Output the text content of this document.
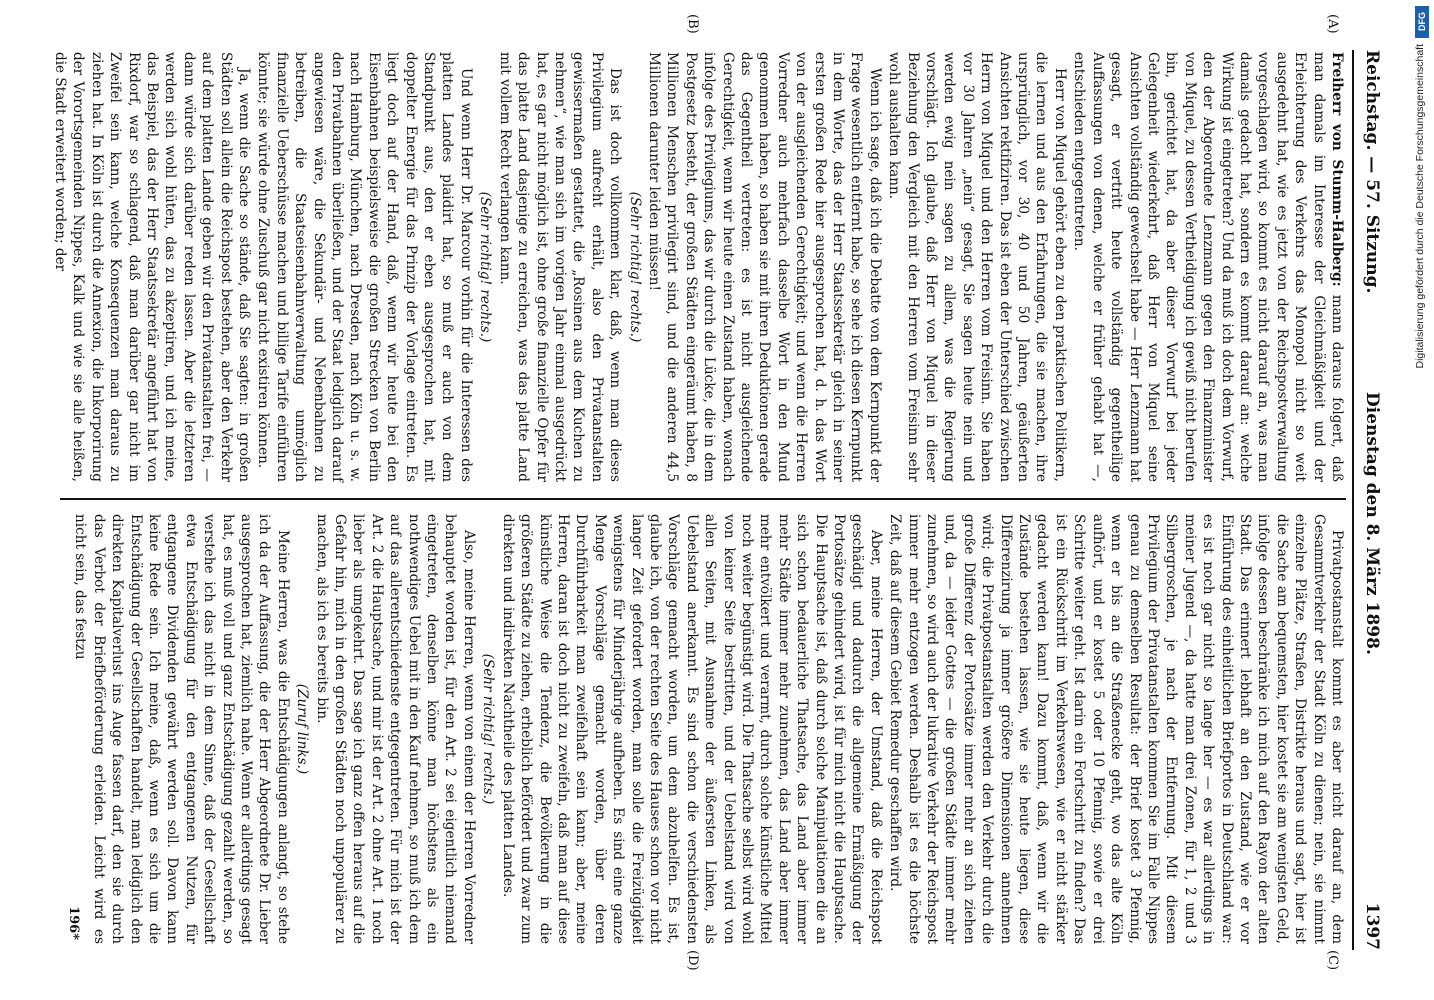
Reichstag. — 57. Sitzung.
Dienstag den 8. März 1898.
1397
(A)
(B)
(C)
(D)

Freiherr von Stumm-Halberg: mann daraus folgert, daß man damals im Interesse der Gleichmäßigkeit und der Erleichterung des Verkehrs das Monopol nicht so weit ausgedehnt hat, wie es jetzt von der Reichspostverwaltung vorgeschlagen wird, so kommt es nicht darauf an, was man damals gedacht hat, sondern es kommt darauf an: welche Wirkung ist eingetreten? Und da muß ich doch dem Vorwurf, den der Abgeordnete Lenzmann gegen den Finanzminister von Miquel, zu dessen Vertheidigung ich gewiß nicht berufen bin, gerichtet hat, da aber dieser Vorwurf bei jeder Gelegenheit wiederkehrt, daß Herr von Miquel seine Ansichten vollständig gewechselt habe — Herr Lenzmann hat gesagt, er vertritt heute vollständig gegentheilige Auffassungen von denen, welche er früher gehabt hat —, entschieden entgegentreten.

Herr von Miquel gehört eben zu den praktischen Politikern, die lernen und aus den Erfahrungen, die sie machen, ihre ursprünglich, vor 30, 40 und 50 Jahren, geäußerten Ansichten rektifiziren. Das ist eben der Unterschied zwischen Herrn von Miquel und den Herren vom Freisinn. Sie haben vor 30 Jahren „nein“ gesagt, Sie sagen heute nein und werden ewig nein sagen zu allem, was die Regierung vorschlägt. Ich glaube, daß Herr von Miquel in dieser Beziehung den Vergleich mit den Herren vom Freisinn sehr wohl aushalten kann.

Wenn ich sage, daß ich die Debatte von dem Kernpunkt der Frage wesentlich entfernt habe, so sehe ich diesen Kernpunkt in dem Worte, das der Herr Staatssekretär gleich in seiner ersten großen Rede hier ausgesprochen hat, d. h. das Wort von der ausgleichenden Gerechtigkeit; und wenn die Herren Vorredner auch mehrfach dasselbe Wort in den Mund genommen haben, so haben sie mit ihren Deduktionen gerade das Gegentheil vertreten: es ist nicht ausgleichende Gerechtigkeit, wenn wir heute einen Zustand haben, wonach infolge des Privilegiums, das wir durch die Lücke, die in dem Postgesetz besteht, der großen Städten eingeräumt haben, 8 Millionen Menschen privilegirt sind, und die anderen 44,5 Millionen darunter leiden müssen!

(Sehr richtig! rechts.)

Das ist doch vollkommen klar, daß, wenn man dieses Privilegium aufrecht erhält, also den Privatanstalten gewissermaßen gestattet, die „Rosinen aus dem Kuchen zu nehmen“, wie man sich im vorigen Jahr einmal ausgedrückt hat, es gar nicht möglich ist, ohne große finanzielle Opfer für das platte Land dasjenige zu erreichen, was das platte Land mit vollem Recht verlangen kann.

(Sehr richtig! rechts.)

Und wenn Herr Dr. Marcour vorhin für die Interessen des platten Landes plaidirt hat, so muß er auch von dem Standpunkt aus, den er eben ausgesprochen hat, mit doppelter Energie für das Prinzip der Vorlage eintreten. Es liegt doch auf der Hand, daß, wenn wir heute bei den Eisenbahnen beispielsweise die großen Strecken von Berlin nach Hamburg, München, nach Dresden, nach Köln u. s. w. den Privatbahnen überließen, und der Staat lediglich darauf angewiesen wäre, die Sekundär- und Nebenbahnen zu betreiben, die Staatseisenbahnverwaltung unmöglich finanzielle Ueberschüsse machen und billige Tarife einführen könnte; sie würde ohne Zuschuß gar nicht existiren können.

Ja, wenn die Sache so stände, daß Sie sagten: in großen Städten soll allein die Reichspost bestehen, aber den Verkehr auf dem platten Lande geben wir den Privatanstalten frei, — dann würde sich darüber reden lassen. Aber die letzteren werden sich wohl hüten, das zu akzeptiren, und ich meine, das Beispiel, das der Herr Staatssekretär angeführt hat von Rixdorf, war so schlagend, daß man darüber gar nicht im Zweifel sein kann, welche Konsequenzen man daraus zu ziehen hat. In Köln ist durch die Annexion, die Inkorporirung der Vorortsgemeinden Nippes, Kalk und wie sie alle heißen, die Stadt erweitert worden; der

Privatpostanstalt kommt es aber nicht darauf an, dem Gesammtverkehr der Stadt Köln zu dienen; nein, sie nimmt einzelne Plätze, Straßen, Distrikte heraus und sagt, hier ist die Sache am bequemsten, hier kostet sie am wenigsten Geld, infolge dessen beschränke ich mich auf den Rayon der alten Stadt. Das erinnert lebhaft an den Zustand, wie er vor Einführung des einheitlichen Briefportos in Deutschland war: es ist noch gar nicht so lange her — es war allerdings in meiner Jugend —, da hatte man drei Zonen, für 1, 2 und 3 Silbergroschen, je nach der Entfernung. Mit diesem Privilegium der Privatanstalten kommen Sie im Falle Nippes genau zu demselben Resultat: der Brief kostet 3 Pfennig, wenn er bis an die Straßenecke geht, wo das alte Köln aufhört, und er kostet 5 oder 10 Pfennig, sowie er drei Schritte weiter geht. Ist darin ein Fortschritt zu finden? Das ist ein Rückschritt im Verkehrswesen, wie er nicht stärker gedacht werden kann! Dazu kommt, daß, wenn wir die Zustände bestehen lassen, wie sie heute liegen, diese Differenzirung ja immer größere Dimensionen annehmen wird; die Privatpostanstalten werden den Verkehr durch die große Differenz der Portosätze immer mehr an sich ziehen und, da — leider Gottes — die großen Städte immer mehr zunehmen, so wird auch der lukrative Verkehr der Reichspost immer mehr entzogen werden. Deshalb ist es die höchste Zeit, daß auf diesem Gebiet Remedur geschaffen wird.

Aber, meine Herren, der Umstand, daß die Reichspost geschädigt und dadurch die allgemeine Ermäßigung der Portosätze gehindert wird, ist für mich nicht die Hauptsache. Die Hauptsache ist, daß durch solche Manipulationen die an sich schon bedauerliche Thatsache, das Land aber immer mehr Städte immer mehr zunehmen, das Land aber immer mehr entvölkert und verarmt, durch solche künstliche Mittel noch weiter begünstigt wird. Die Thatsache selbst wird wohl von keiner Seite bestritten, und der Uebelstand wird von allen Seiten, mit Ausnahme der äußersten Linken, als Uebelstand anerkannt. Es sind schon die verschiedensten Vorschläge gemacht worden, um dem abzuhelfen. Es ist, glaube ich, von der rechten Seite des Hauses schon vor nicht langer Zeit gefordert worden, man solle die Freizügigkeit wenigstens für Minderjährige aufheben. Es sind eine ganze Menge Vorschläge gemacht worden, über deren Durchführbarkeit man zweifelhaft sein kann; aber, meine Herren, daran ist doch nicht zu zweifeln, daß man auf diese künstliche Weise die Tendenz, die Bevölkerung in die größeren Städte zu ziehen, erheblich befördert und zwar zum direkten und indirekten Nachtheile des platten Landes.

(Sehr richtig! rechts.)

Also, meine Herren, wenn von einem der Herren Vorredner behauptet worden ist, für den Art. 2 sei eigentlich niemand eingetreten, denselben könne man höchstens als ein nothwendiges Uebel mit in den Kauf nehmen, so muß ich dem auf das allerentschiedenste entgegentreten. Für mich ist der Art. 2 die Hauptsache, und mir ist der Art. 2 ohne Art. 1 noch lieber als umgekehrt. Das sage ich ganz offen heraus auf die Gefahr hin, mich in den großen Städten noch unpopulärer zu machen, als ich es bereits bin.

(Zuruf links.)

Meine Herren, was die Entschädigungen anlangt, so stehe ich da der Auffassung, die der Herr Abgeordnete Dr. Lieber ausgesprochen hat, ziemlich nahe. Wenn er allerdings gesagt hat, es muß voll und ganz Entschädigung gezahlt werden, so verstehe ich das nicht in dem Sinne, daß der Gesellschaft etwa Entschädigung für den entgangenen Nutzen, für entgangene Dividenden gewährt werden soll. Davon kann keine Rede sein. Ich meine, daß, wenn es sich um die Entschädigung der Gesellschaften handelt, man lediglich den direkten Kapitalverlust ins Auge fassen darf, den sie durch das Verbot der Briefbeförderung erleiden. Leicht wird es nicht sein, das festzu

196*
DFG
Digitalisierung gefördert durch die Deutsche Forschungsgemeinschaft
